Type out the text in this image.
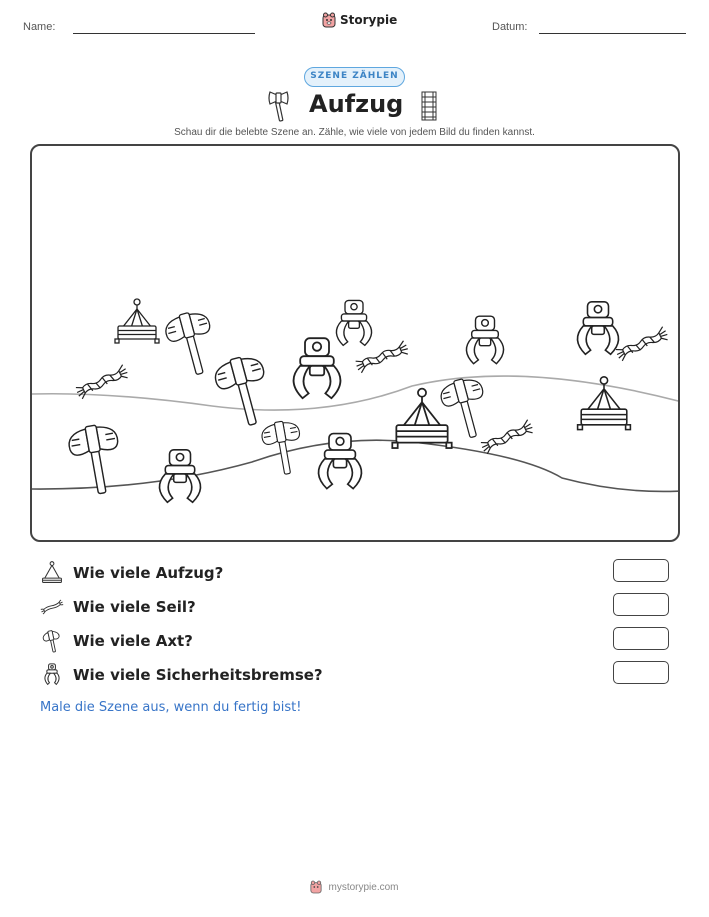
Name:	Storypie	Datum:
SZENE ZÄHLEN
Aufzug
Schau dir die belebte Szene an. Zähle, wie viele von jedem Bild du finden kannst.
Wie viele Aufzug?
Wie viele Seil?
Wie viele Axt?
Wie viele Sicherheitsbremse?
Male die Szene aus, wenn du fertig bist!
mystorypie.com
